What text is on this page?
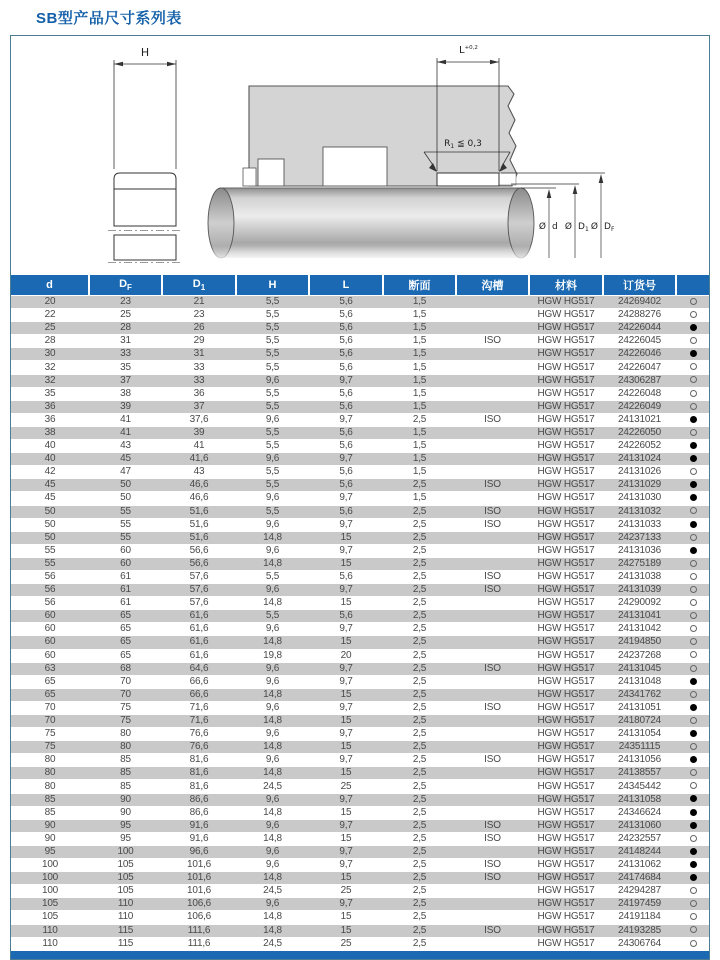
SB型产品尺寸系列表
H	$L^{+0,2}$
$R_1$ ≦ 0,3
Ø d Ø $D_1$ Ø $D_F$
d	$D_F$	$D_1$	H	L	断面	沟槽	材料	订货号	
20	23	21	5,5	5,6	1,5		HGW HG517	24269402	
22	25	23	5,5	5,6	1,5		HGW HG517	24288276	
25	28	26	5,5	5,6	1,5		HGW HG517	24226044	
28	31	29	5,5	5,6	1,5	ISO	HGW HG517	24226045	
30	33	31	5,5	5,6	1,5		HGW HG517	24226046	
32	35	33	5,5	5,6	1,5		HGW HG517	24226047	
32	37	33	9,6	9,7	1,5		HGW HG517	24306287	
35	38	36	5,5	5,6	1,5		HGW HG517	24226048	
36	39	37	5,5	5,6	1,5		HGW HG517	24226049	
36	41	37,6	9,6	9,7	2,5	ISO	HGW HG517	24131021	
38	41	39	5,5	5,6	1,5		HGW HG517	24226050	
40	43	41	5,5	5,6	1,5		HGW HG517	24226052	
40	45	41,6	9,6	9,7	1,5		HGW HG517	24131024	
42	47	43	5,5	5,6	1,5		HGW HG517	24131026	
45	50	46,6	5,5	5,6	2,5	ISO	HGW HG517	24131029	
45	50	46,6	9,6	9,7	1,5		HGW HG517	24131030	
50	55	51,6	5,5	5,6	2,5	ISO	HGW HG517	24131032	
50	55	51,6	9,6	9,7	2,5	ISO	HGW HG517	24131033	
50	55	51,6	14,8	15	2,5		HGW HG517	24237133	
55	60	56,6	9,6	9,7	2,5		HGW HG517	24131036	
55	60	56,6	14,8	15	2,5		HGW HG517	24275189	
56	61	57,6	5,5	5,6	2,5	ISO	HGW HG517	24131038	
56	61	57,6	9,6	9,7	2,5	ISO	HGW HG517	24131039	
56	61	57,6	14,8	15	2,5		HGW HG517	24290092	
60	65	61,6	5,5	5,6	2,5		HGW HG517	24131041	
60	65	61,6	9,6	9,7	2,5		HGW HG517	24131042	
60	65	61,6	14,8	15	2,5		HGW HG517	24194850	
60	65	61,6	19,8	20	2,5		HGW HG517	24237268	
63	68	64,6	9,6	9,7	2,5	ISO	HGW HG517	24131045	
65	70	66,6	9,6	9,7	2,5		HGW HG517	24131048	
65	70	66,6	14,8	15	2,5		HGW HG517	24341762	
70	75	71,6	9,6	9,7	2,5	ISO	HGW HG517	24131051	
70	75	71,6	14,8	15	2,5		HGW HG517	24180724	
75	80	76,6	9,6	9,7	2,5		HGW HG517	24131054	
75	80	76,6	14,8	15	2,5		HGW HG517	24351115	
80	85	81,6	9,6	9,7	2,5	ISO	HGW HG517	24131056	
80	85	81,6	14,8	15	2,5		HGW HG517	24138557	
80	85	81,6	24,5	25	2,5		HGW HG517	24345442	
85	90	86,6	9,6	9,7	2,5		HGW HG517	24131058	
85	90	86,6	14,8	15	2,5		HGW HG517	24346624	
90	95	91,6	9,6	9,7	2,5	ISO	HGW HG517	24131060	
90	95	91,6	14,8	15	2,5	ISO	HGW HG517	24232557	
95	100	96,6	9,6	9,7	2,5		HGW HG517	24148244	
100	105	101,6	9,6	9,7	2,5	ISO	HGW HG517	24131062	
100	105	101,6	14,8	15	2,5	ISO	HGW HG517	24174684	
100	105	101,6	24,5	25	2,5		HGW HG517	24294287	
105	110	106,6	9,6	9,7	2,5		HGW HG517	24197459	
105	110	106,6	14,8	15	2,5		HGW HG517	24191184	
110	115	111,6	14,8	15	2,5	ISO	HGW HG517	24193285	
110	115	111,6	24,5	25	2,5		HGW HG517	24306764	
